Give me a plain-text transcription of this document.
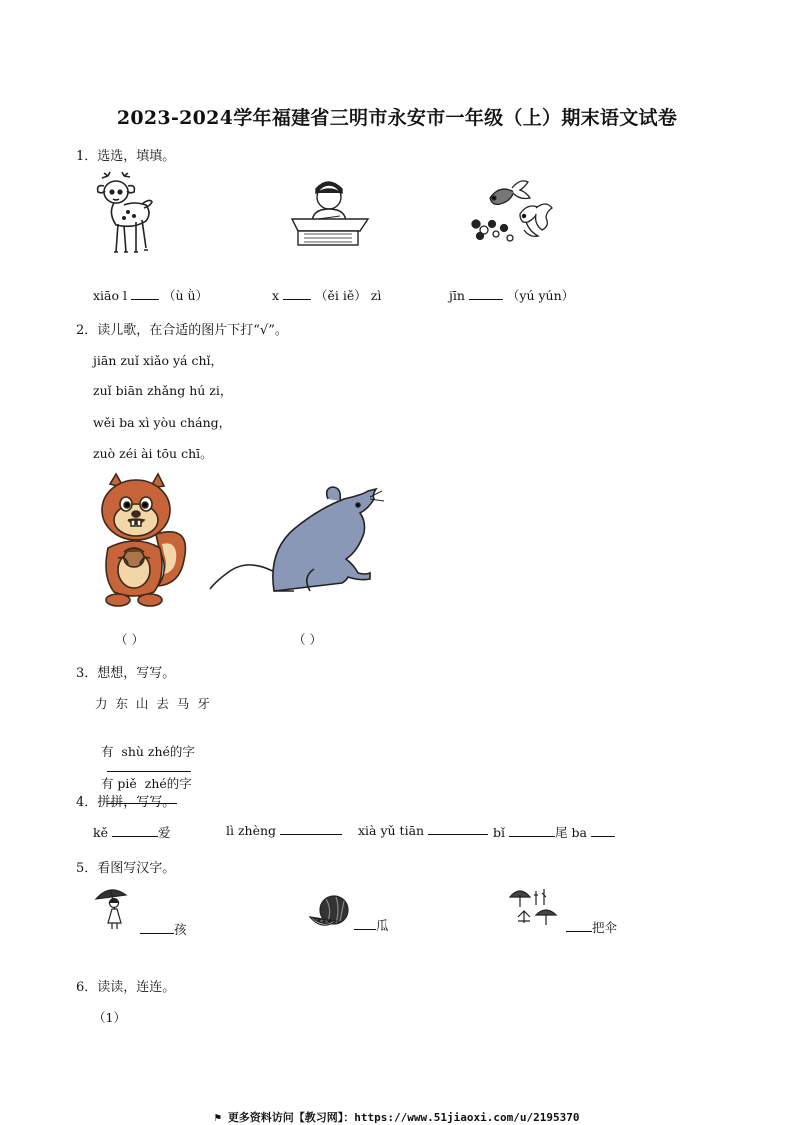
2023-2024学年福建省三明市永安市一年级（上）期末语文试卷
1．选选，填填。
xiāo l	（ù ǜ）	x	（ěi iě） zì	jīn	（yú yún）
2．读儿歌，在合适的图片下打“√”。
jiān zuǐ xiǎo yá chǐ，
zuǐ biān zhǎng hú zi，
wěi ba xì yòu cháng，
zuò zéi ài tōu chī。
（ ）	（ ）
3．想想，写写。
力  东  山  去  马  牙

有  shù zhé的字

有 piě  zhé的字

4．拼拼，写写。
kě	爱	lì zhèng	xià yǔ tiān	bǐ	尾 ba
5．看图写汉字。
孩	瓜	把伞
6．读读，连连。
（1）
⚑ 更多资料访问【教习网】：https://www.51jiaoxi.com/u/2195370
